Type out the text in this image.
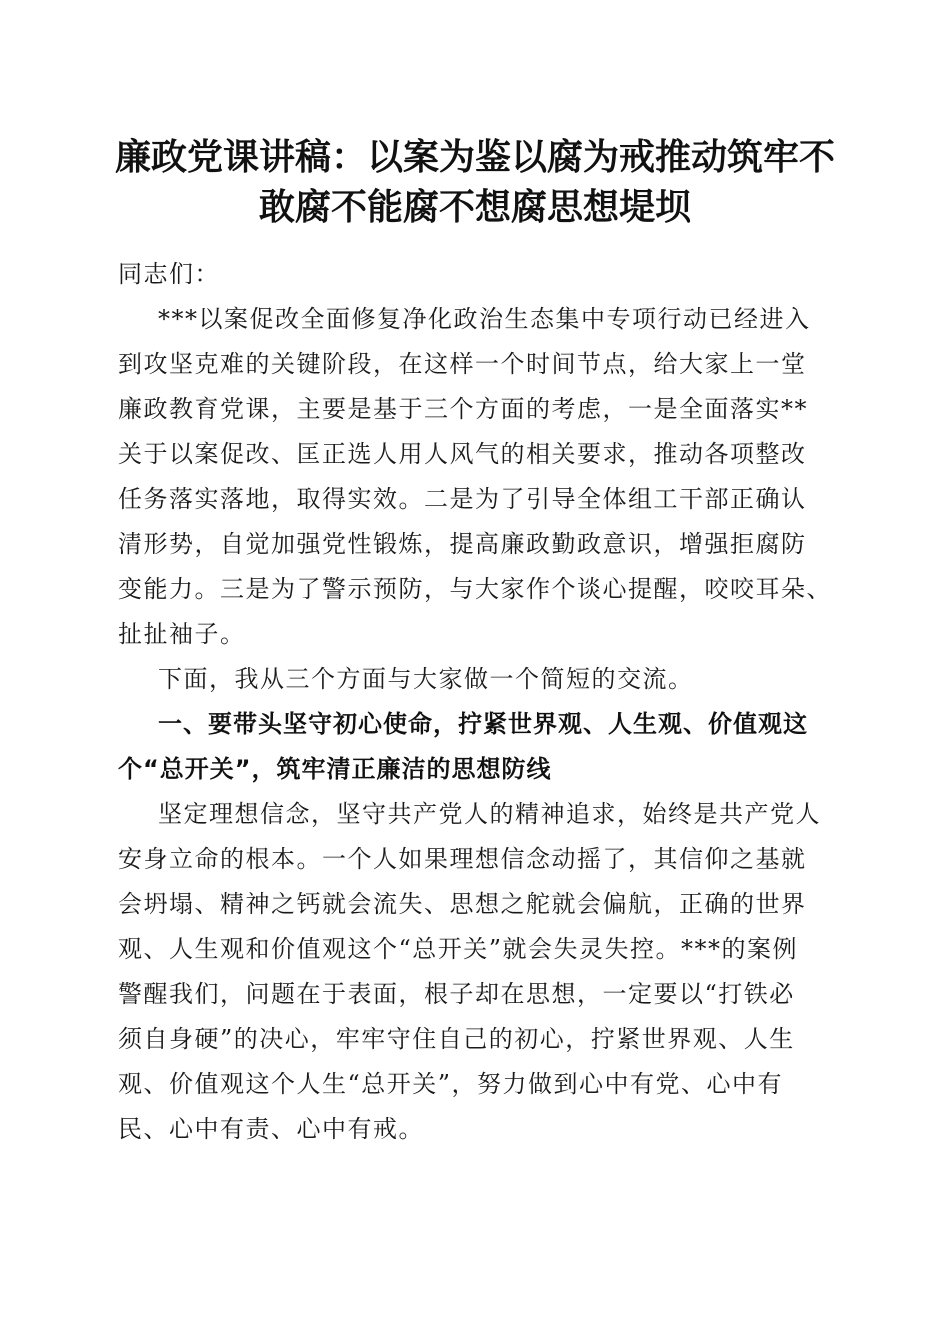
廉政党课讲稿：以案为鉴以腐为戒推动筑牢不
敢腐不能腐不想腐思想堤坝
同志们：
***以案促改全面修复净化政治生态集中专项行动已经进入
到攻坚克难的关键阶段，在这样一个时间节点，给大家上一堂
廉政教育党课，主要是基于三个方面的考虑，一是全面落实**
关于以案促改、匡正选人用人风气的相关要求，推动各项整改
任务落实落地，取得实效。二是为了引导全体组工干部正确认
清形势，自觉加强党性锻炼，提高廉政勤政意识，增强拒腐防
变能力。三是为了警示预防，与大家作个谈心提醒，咬咬耳朵、
扯扯袖子。
下面，我从三个方面与大家做一个简短的交流。
一、要带头坚守初心使命，拧紧世界观、人生观、价值观这
个“总开关”，筑牢清正廉洁的思想防线
坚定理想信念，坚守共产党人的精神追求，始终是共产党人
安身立命的根本。一个人如果理想信念动摇了，其信仰之基就
会坍塌、精神之钙就会流失、思想之舵就会偏航，正确的世界
观、人生观和价值观这个“总开关”就会失灵失控。***的案例
警醒我们，问题在于表面，根子却在思想，一定要以“打铁必
须自身硬”的决心，牢牢守住自己的初心，拧紧世界观、人生
观、价值观这个人生“总开关”，努力做到心中有党、心中有
民、心中有责、心中有戒。
